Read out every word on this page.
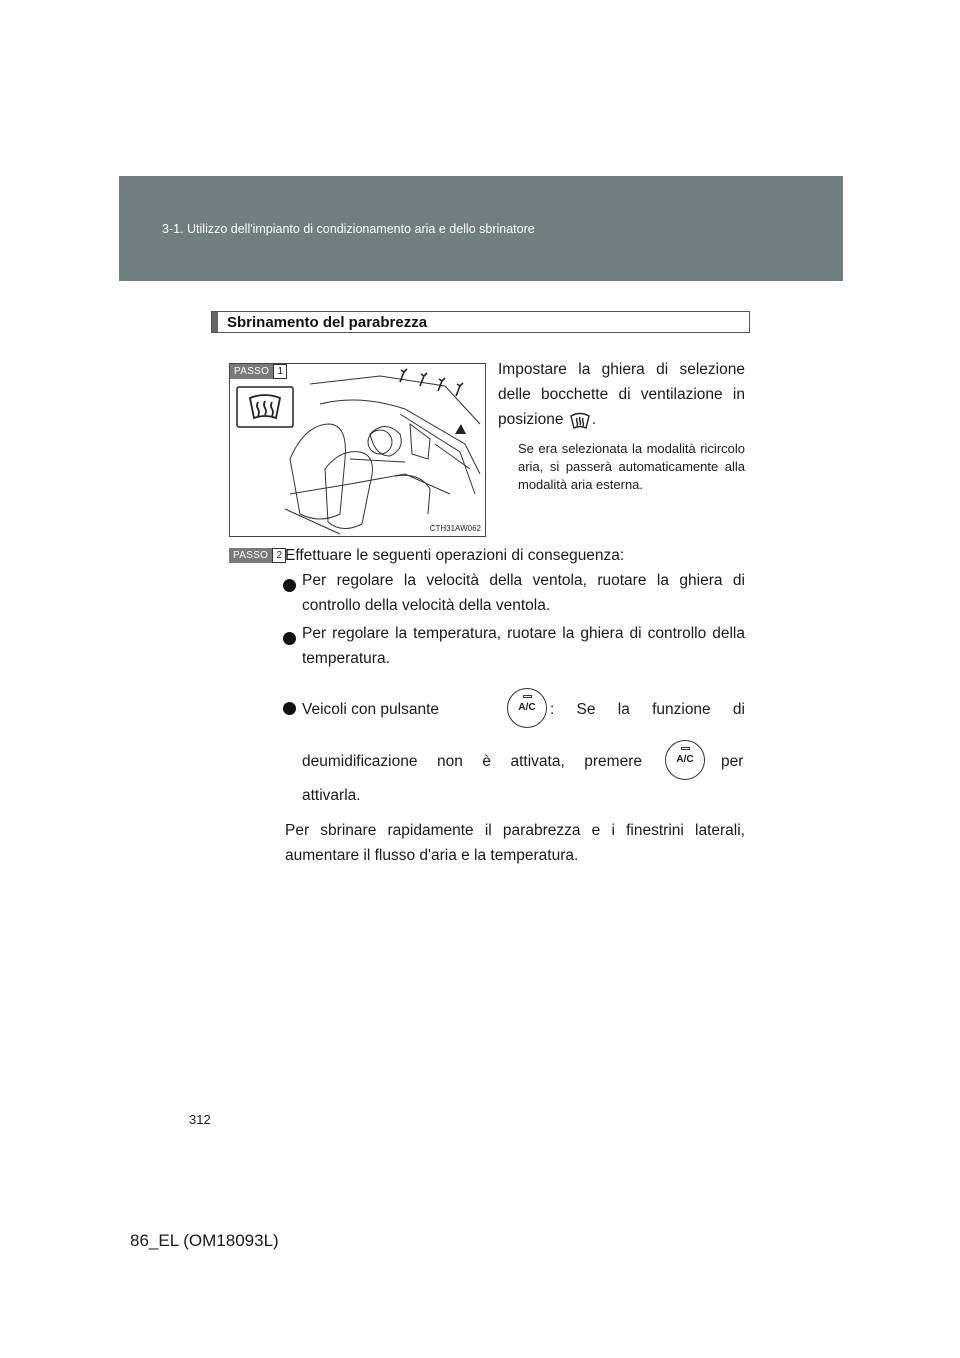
3-1. Utilizzo dell'impianto di condizionamento aria e dello sbrinatore
Sbrinamento del parabrezza
PASSO 1
CTH31AW062
Impostare la ghiera di selezione delle bocchette di ventilazione in posizione .
Se era selezionata la modalità ricircolo aria, si passerà automaticamente alla modalità aria esterna.
PASSO 2 Effettuare le seguenti operazioni di conseguenza:
Per regolare la velocità della ventola, ruotare la ghiera di controllo della velocità della ventola.
Per regolare la temperatura, ruotare la ghiera di controllo della temperatura.
Veicoli con pulsante	A/C : Se la funzione di
deumidificazione non è attivata, premere	A/C	per
attivarla.
Per sbrinare rapidamente il parabrezza e i finestrini laterali, aumentare il flusso d'aria e la temperatura.
312
86_EL (OM18093L)
